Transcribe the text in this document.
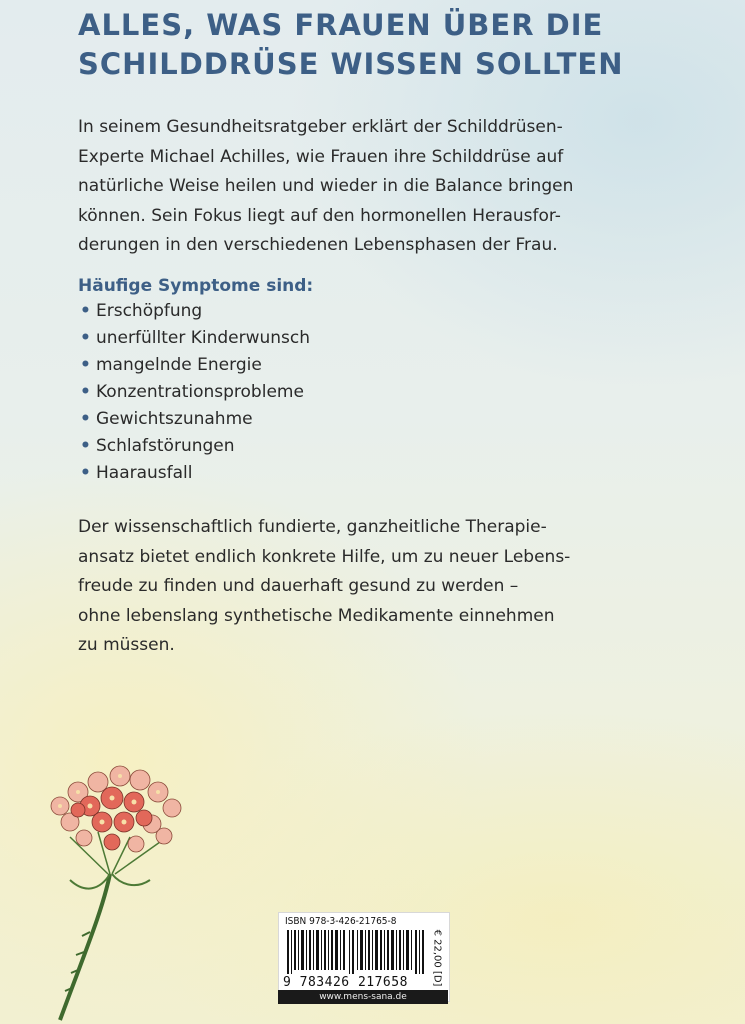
ALLES, WAS FRAUEN ÜBER DIE
SCHILDDRÜSE WISSEN SOLLTEN
In seinem Gesundheitsratgeber erklärt der Schilddrüsen-
Experte Michael Achilles, wie Frauen ihre Schilddrüse auf
natürliche Weise heilen und wieder in die Balance bringen
können. Sein Fokus liegt auf den hormonellen Herausfor-
derungen in den verschiedenen Lebensphasen der Frau.
Häufige Symptome sind:
• Erschöpfung
• unerfüllter Kinderwunsch
• mangelnde Energie
• Konzentrationsprobleme
• Gewichtszunahme
• Schlafstörungen
• Haarausfall
Der wissenschaftlich fundierte, ganzheitliche Therapie-
ansatz bietet endlich konkrete Hilfe, um zu neuer Lebens-
freude zu finden und dauerhaft gesund zu werden –
ohne lebenslang synthetische Medikamente einnehmen
zu müssen.
ISBN 978-3-426-21765-8
9 783426 217658 € 22,00 [D]
www.mens-sana.de
